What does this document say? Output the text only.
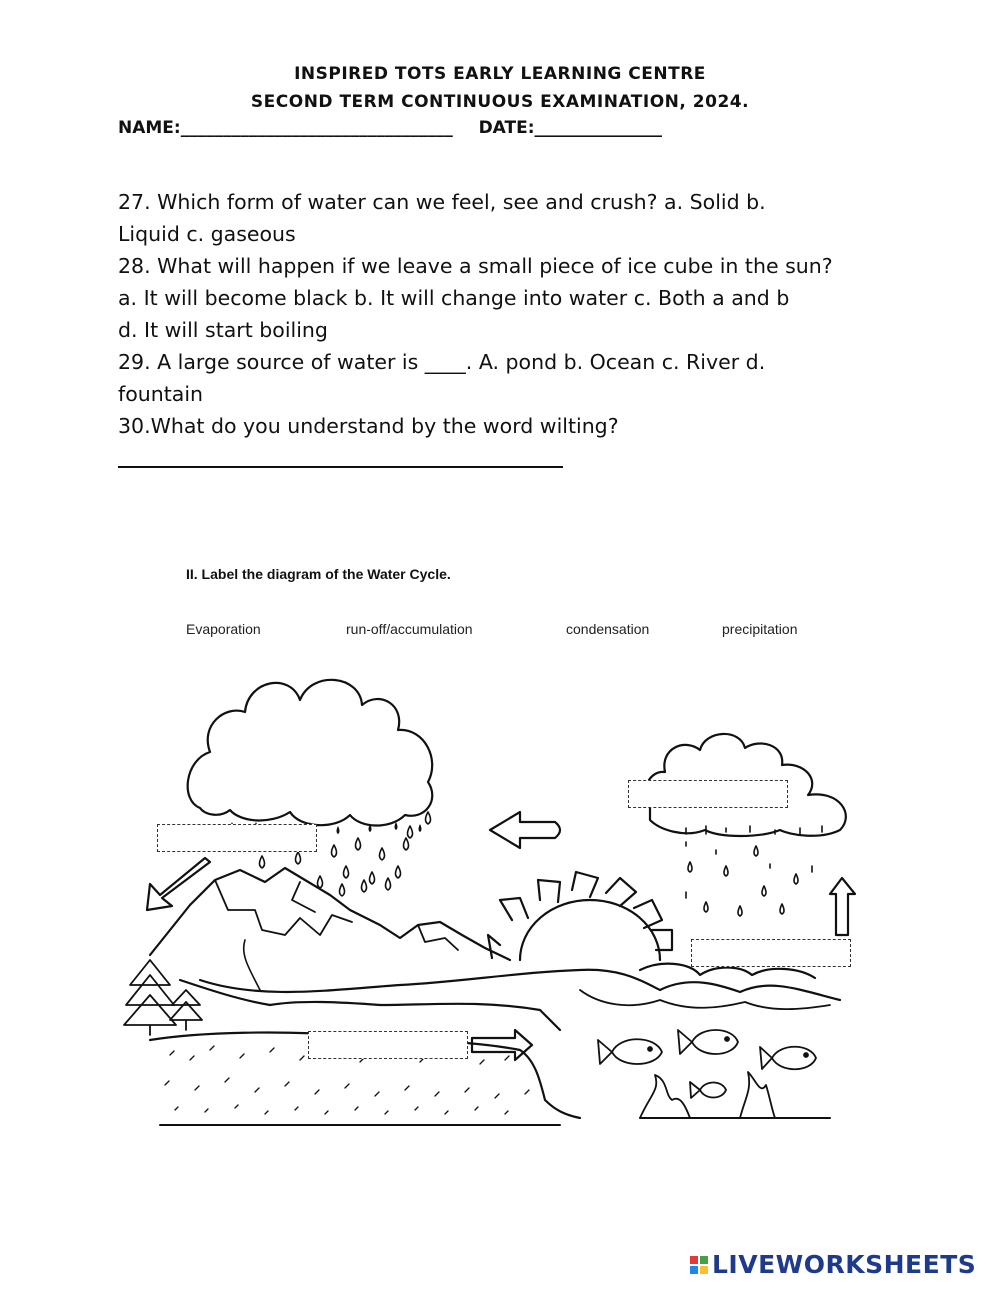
INSPIRED TOTS EARLY LEARNING CENTRE
SECOND TERM CONTINUOUS EXAMINATION, 2024.
NAME:________________________________ DATE:_______________
27. Which form of water can we feel, see and crush? a. Solid b.
Liquid c. gaseous
28. What will happen if we leave a small piece of ice cube in the sun?
a. It will become black b. It will change into water c. Both a and b
d. It will start boiling
29. A large source of water is ____. A. pond b. Ocean c. River d.
fountain
30.What do you understand by the word wilting?
II. Label the diagram of the Water Cycle.
Evaporation	run-off/accumulation	condensation	precipitation
LIVEWORKSHEETS
